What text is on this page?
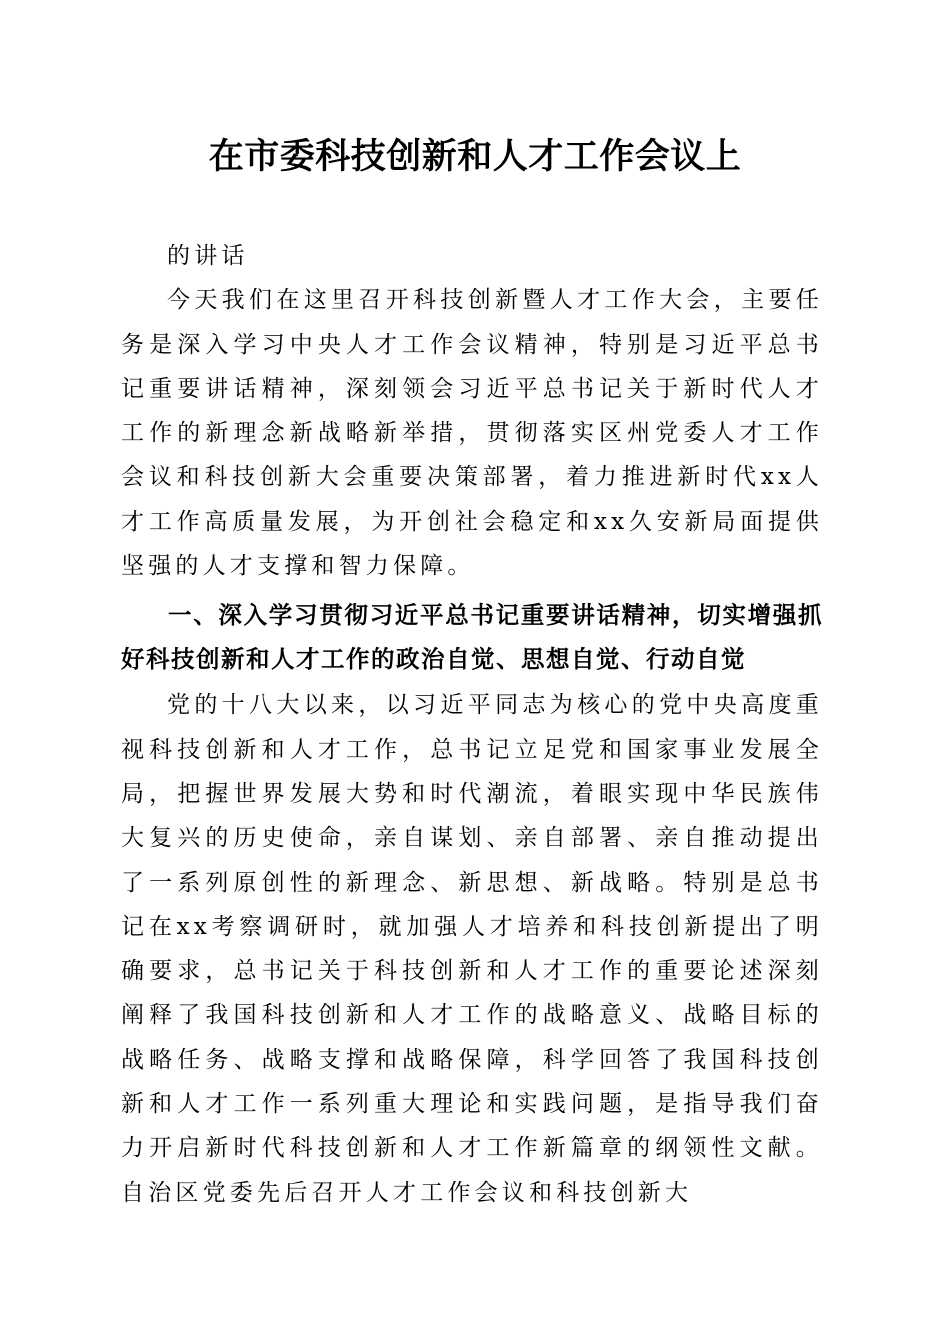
在市委科技创新和人才工作会议上

的讲话

今天我们在这里召开科技创新暨人才工作大会，主要任务是深入学习中央人才工作会议精神，特别是习近平总书记重要讲话精神，深刻领会习近平总书记关于新时代人才工作的新理念新战略新举措，贯彻落实区州党委人才工作会议和科技创新大会重要决策部署，着力推进新时代xx人才工作高质量发展，为开创社会稳定和xx久安新局面提供坚强的人才支撑和智力保障。

一、深入学习贯彻习近平总书记重要讲话精神，切实增强抓好科技创新和人才工作的政治自觉、思想自觉、行动自觉

党的十八大以来，以习近平同志为核心的党中央高度重视科技创新和人才工作，总书记立足党和国家事业发展全局，把握世界发展大势和时代潮流，着眼实现中华民族伟大复兴的历史使命，亲自谋划、亲自部署、亲自推动提出了一系列原创性的新理念、新思想、新战略。特别是总书记在xx考察调研时，就加强人才培养和科技创新提出了明确要求，总书记关于科技创新和人才工作的重要论述深刻阐释了我国科技创新和人才工作的战略意义、战略目标的战略任务、战略支撑和战略保障，科学回答了我国科技创新和人才工作一系列重大理论和实践问题，是指导我们奋力开启新时代科技创新和人才工作新篇章的纲领性文献。自治区党委先后召开人才工作会议和科技创新大
